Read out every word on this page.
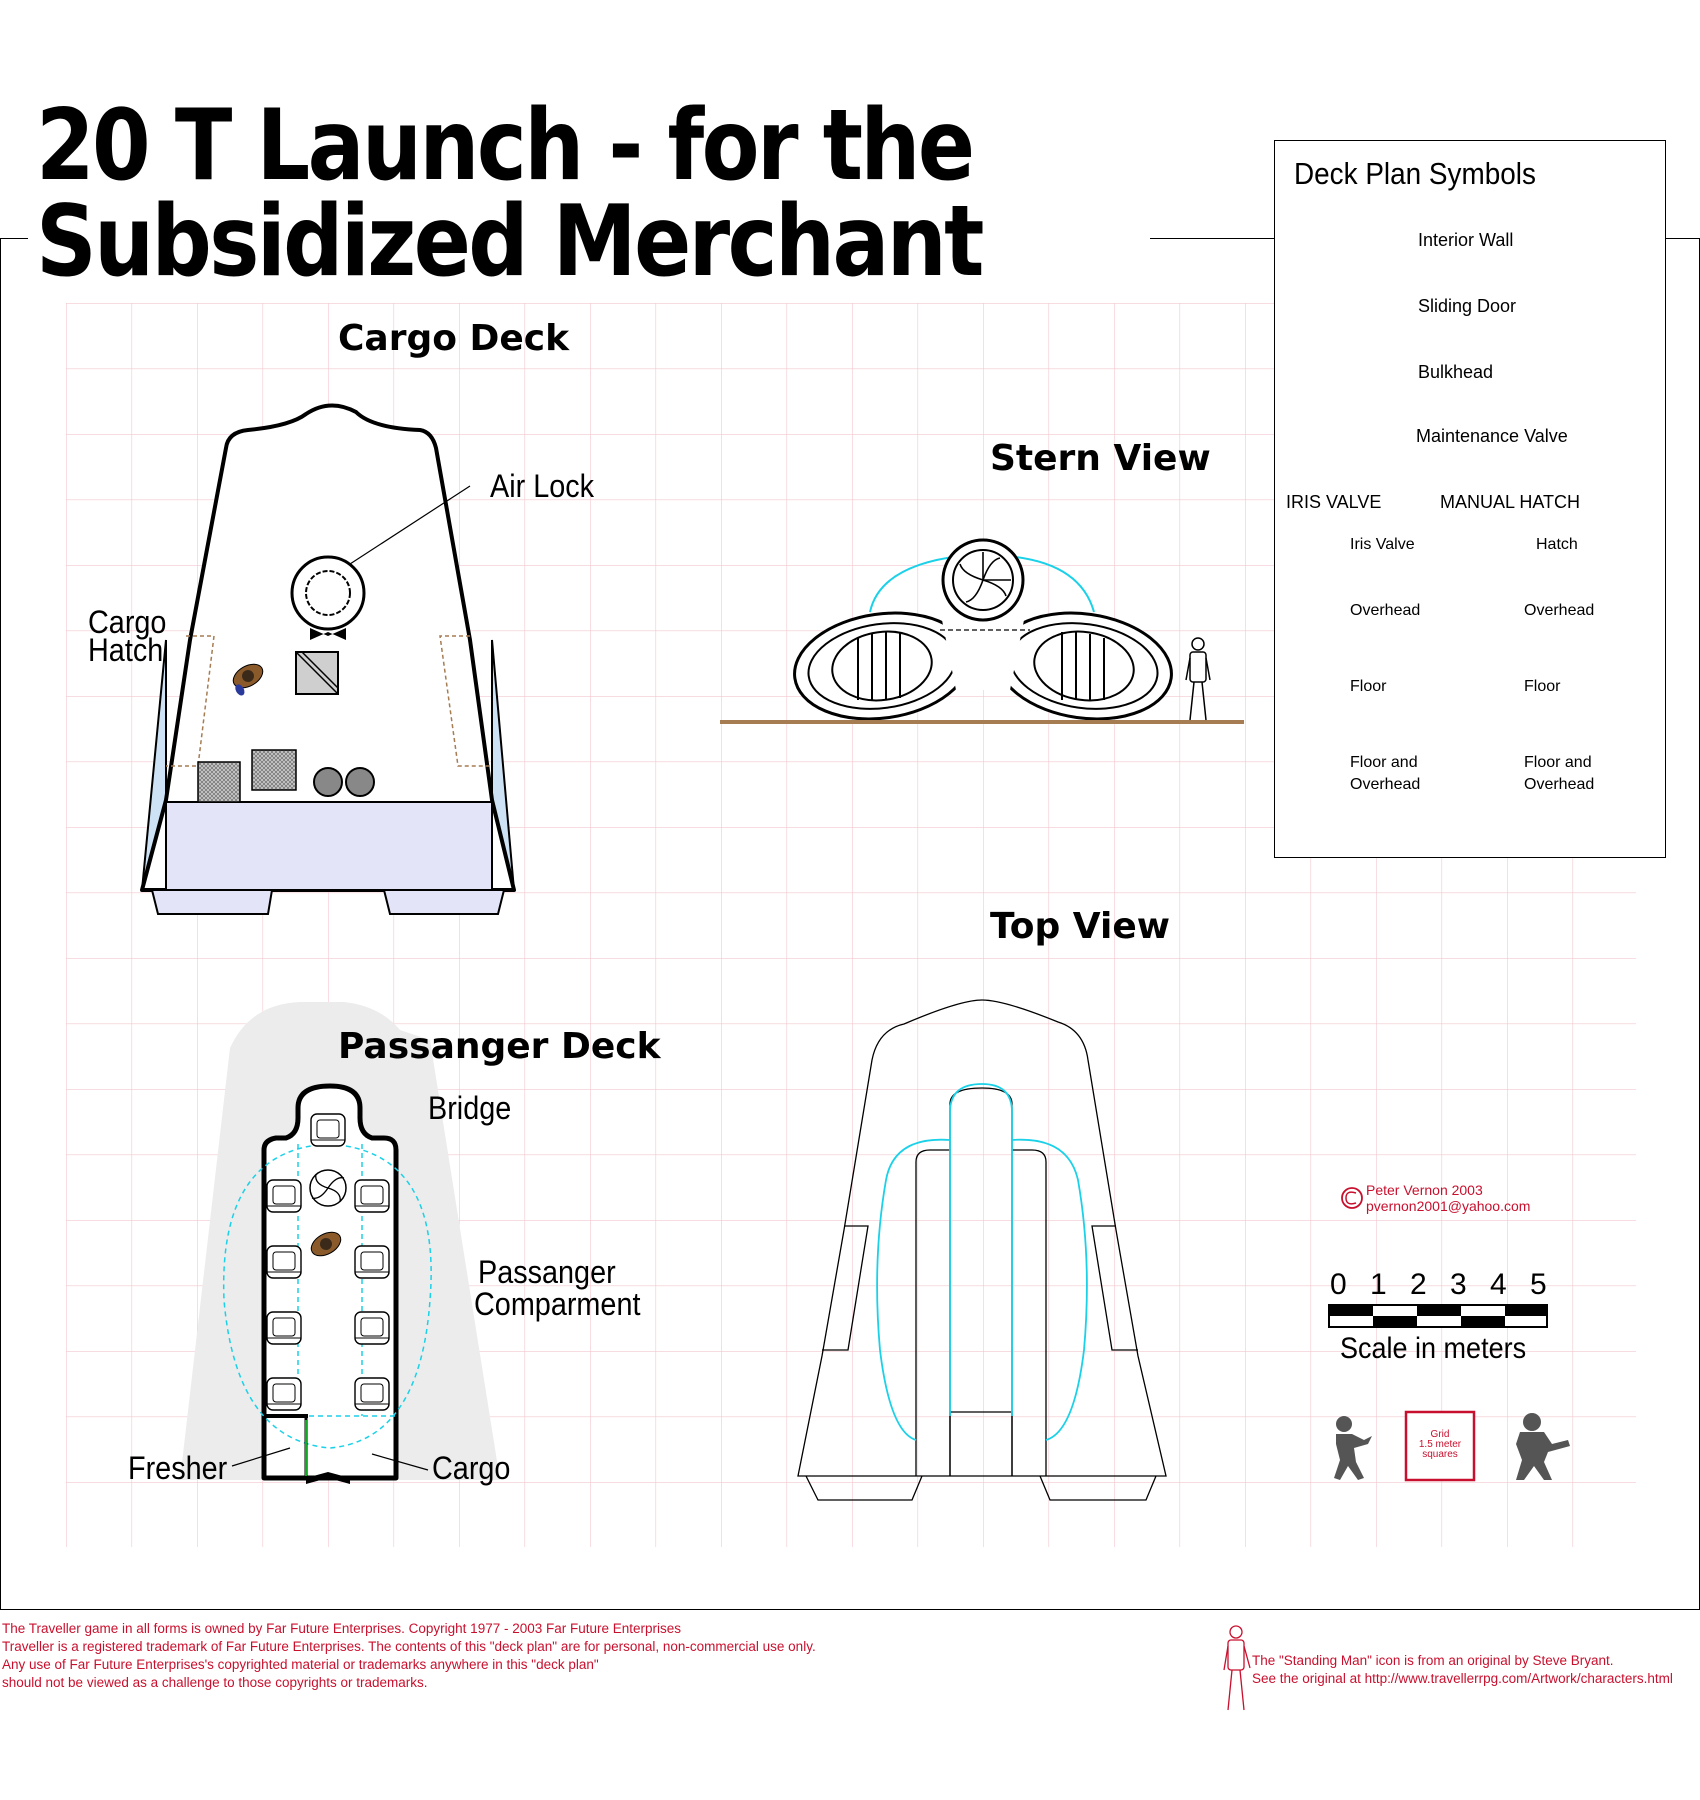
20 T Launch - for the
Subsidized Merchant
Cargo Deck
Stern View
Top View
Passanger Deck
Air Lock
Cargo
Hatch
Bridge
Passanger
Comparment
Fresher	Cargo
Deck Plan Symbols
Interior Wall
Sliding Door
Bulkhead
Maintenance Valve
IRIS VALVE	MANUAL HATCH
Iris Valve
Overhead
Floor
Floor and
Overhead
Hatch
Overhead
Floor
Floor and
Overhead
Peter Vernon 2003
pvernon2001@yahoo.com
0 1 2 3 4 5
Scale in meters
Grid
1.5 meter
squares
The Traveller game in all forms is owned by Far Future Enterprises. Copyright 1977 - 2003 Far Future Enterprises
Traveller is a registered trademark of Far Future Enterprises. The contents of this "deck plan" are for personal, non-commercial use only.
Any use of Far Future Enterprises's copyrighted material or trademarks anywhere in this "deck plan"
should not be viewed as a challenge to those copyrights or trademarks.
The "Standing Man" icon is from an original by Steve Bryant.
See the original at http://www.travellerrpg.com/Artwork/characters.html
